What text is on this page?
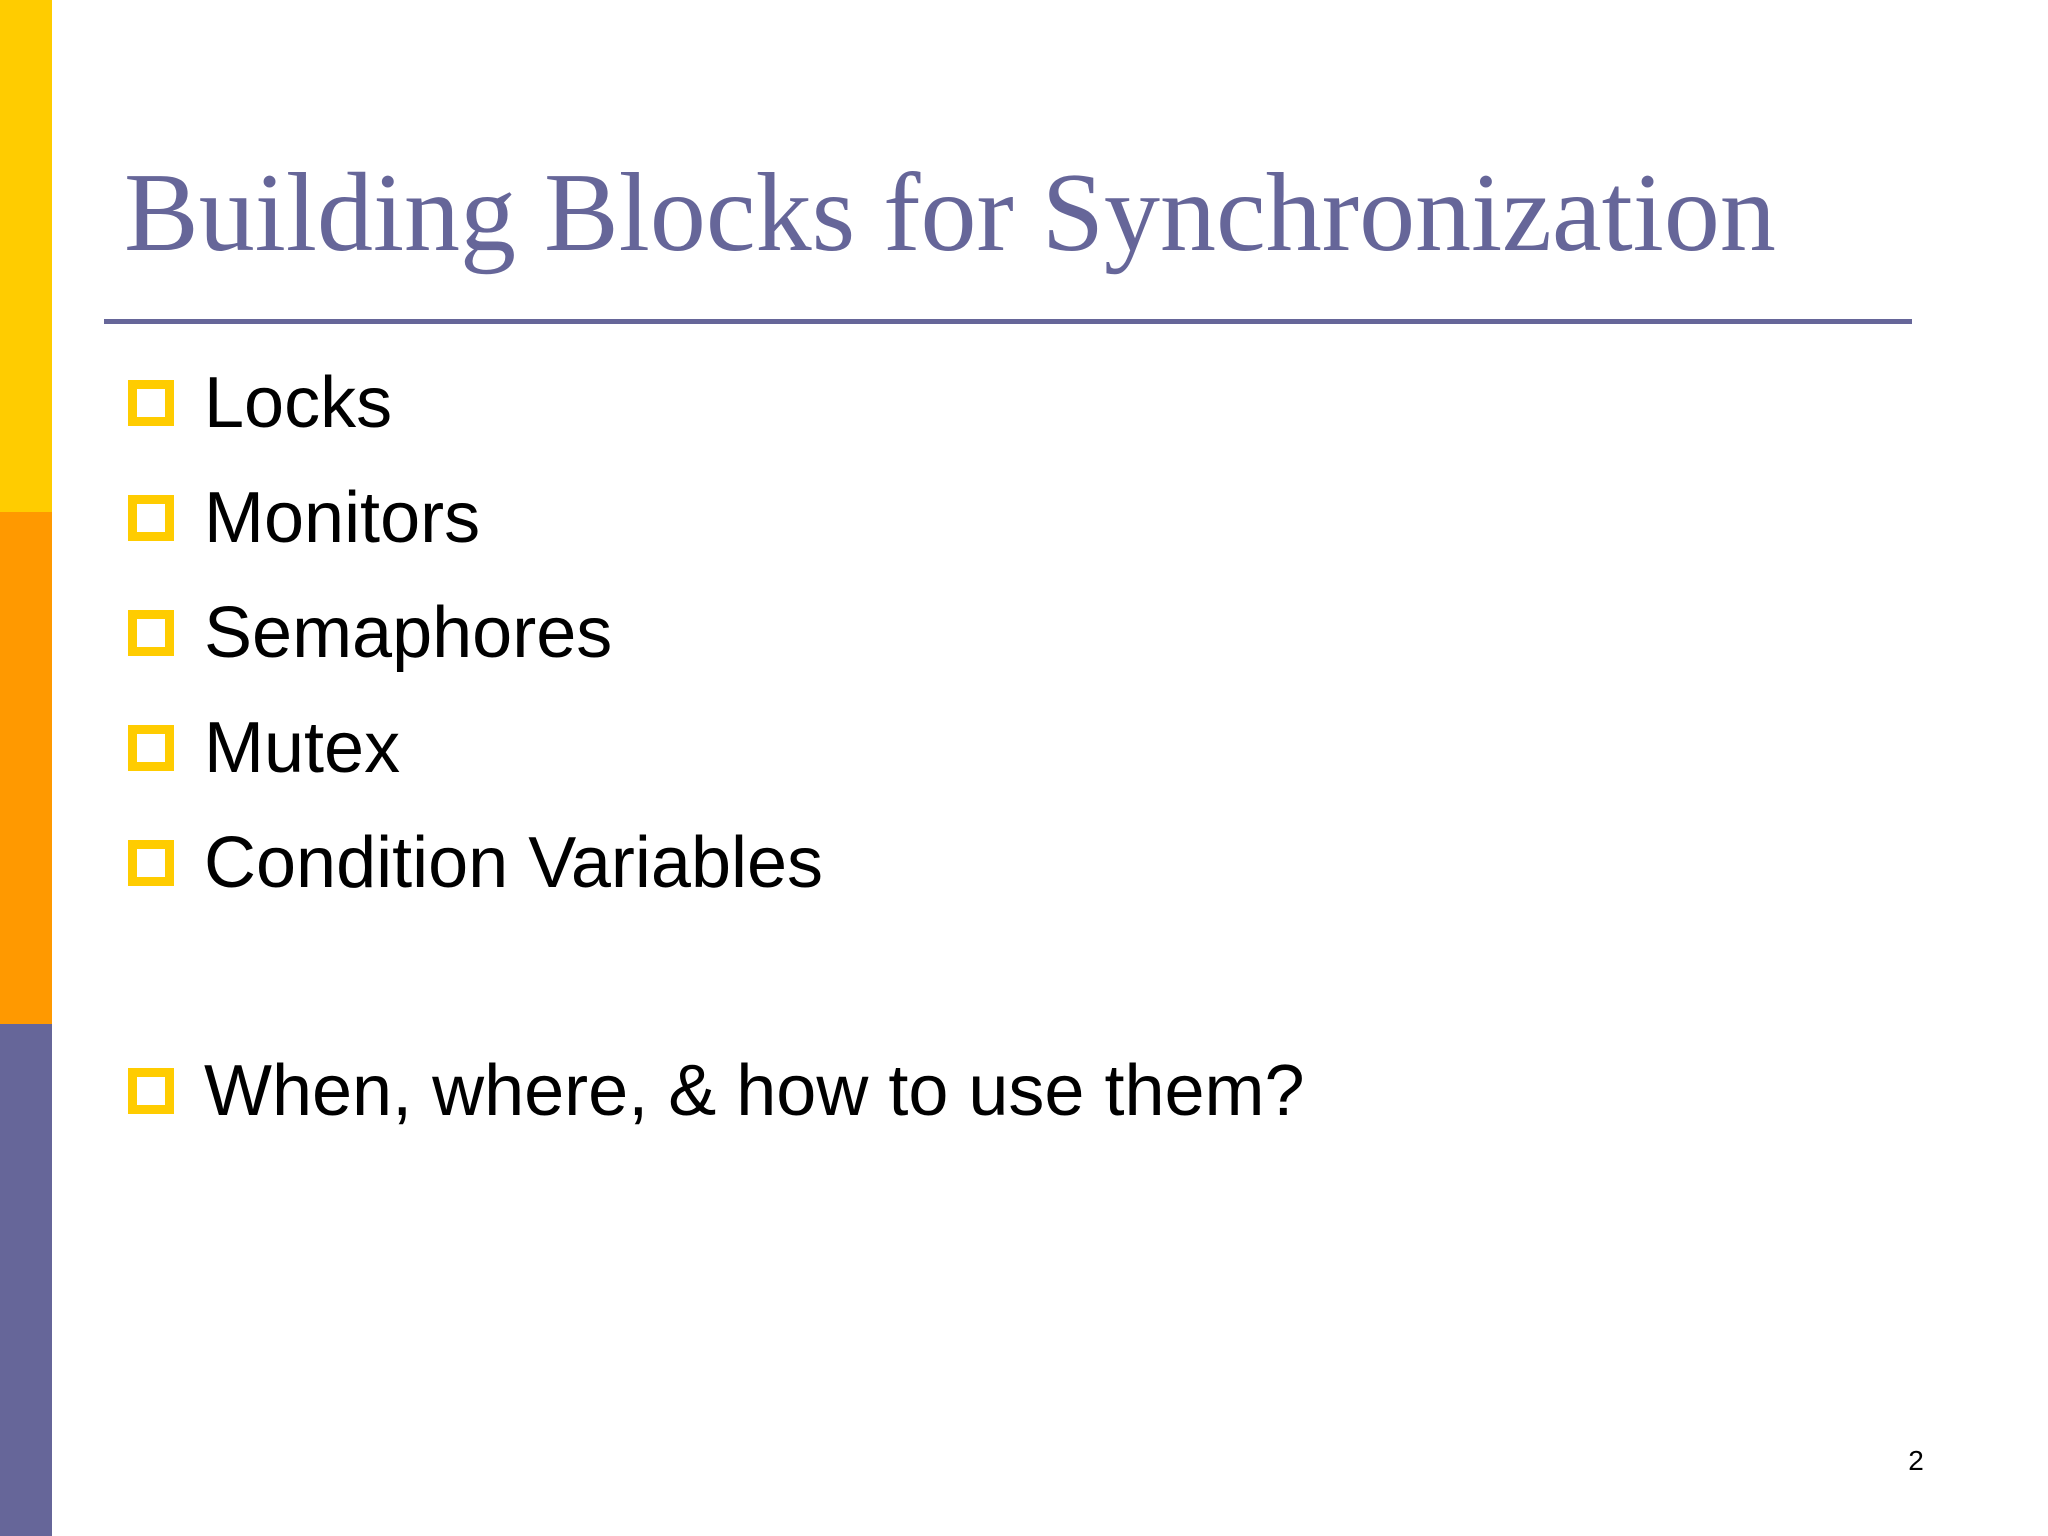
Building Blocks for Synchronization
Locks
Monitors
Semaphores
Mutex
Condition Variables
When, where, & how to use them?
2
